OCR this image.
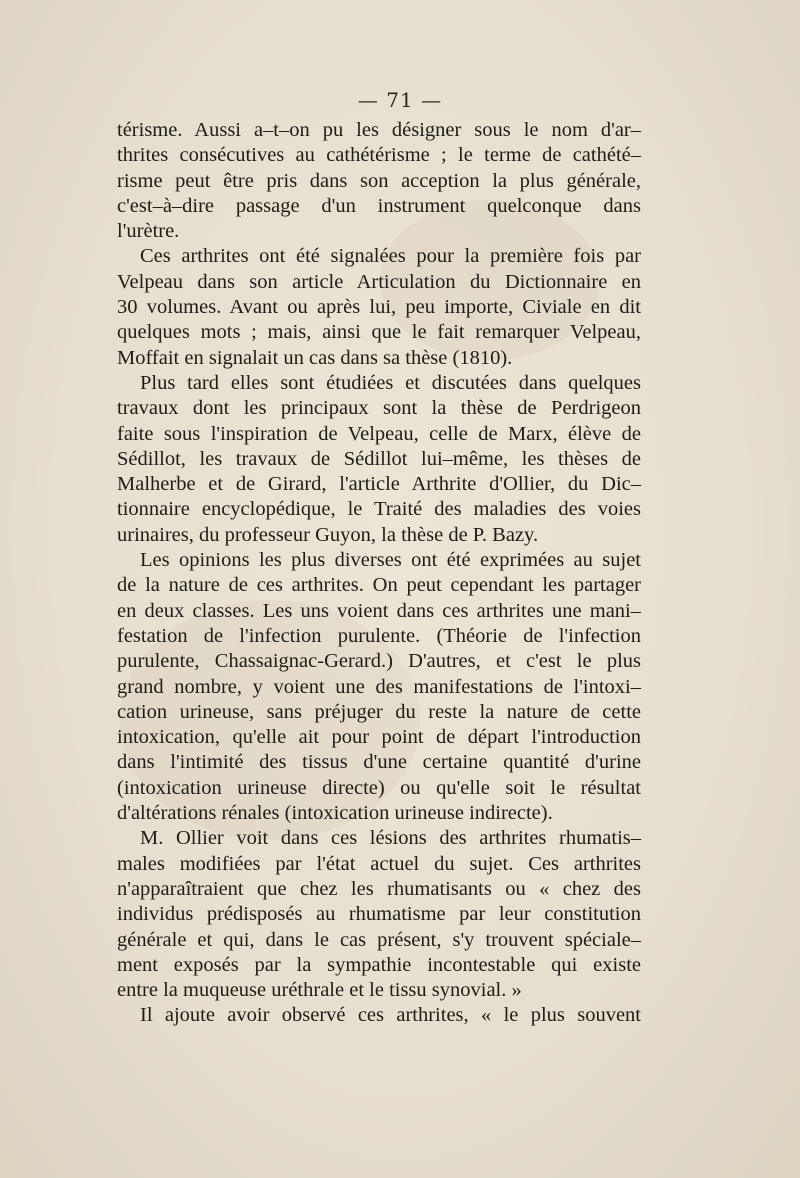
— 71 —
térisme. Aussi a–t–on pu les désigner sous le nom d'ar–
thrites consécutives au cathétérisme ; le terme de cathété–
risme peut être pris dans son acception la plus générale,
c'est–à–dire passage d'un instrument quelconque dans
l'urètre.
Ces arthrites ont été signalées pour la première fois par
Velpeau dans son article Articulation du Dictionnaire en
30 volumes. Avant ou après lui, peu importe, Civiale en dit
quelques mots ; mais, ainsi que le fait remarquer Velpeau,
Moffait en signalait un cas dans sa thèse (1810).
Plus tard elles sont étudiées et discutées dans quelques
travaux dont les principaux sont la thèse de Perdrigeon
faite sous l'inspiration de Velpeau, celle de Marx, élève de
Sédillot, les travaux de Sédillot lui–même, les thèses de
Malherbe et de Girard, l'article Arthrite d'Ollier, du Dic–
tionnaire encyclopédique, le Traité des maladies des voies
urinaires, du professeur Guyon, la thèse de P. Bazy.
Les opinions les plus diverses ont été exprimées au sujet
de la nature de ces arthrites. On peut cependant les partager
en deux classes. Les uns voient dans ces arthrites une mani–
festation de l'infection purulente. (Théorie de l'infection
purulente, Chassaignac-Gerard.) D'autres, et c'est le plus
grand nombre, y voient une des manifestations de l'intoxi–
cation urineuse, sans préjuger du reste la nature de cette
intoxication, qu'elle ait pour point de départ l'introduction
dans l'intimité des tissus d'une certaine quantité d'urine
(intoxication urineuse directe) ou qu'elle soit le résultat
d'altérations rénales (intoxication urineuse indirecte).
M. Ollier voit dans ces lésions des arthrites rhumatis–
males modifiées par l'état actuel du sujet. Ces arthrites
n'apparaîtraient que chez les rhumatisants ou « chez des
individus prédisposés au rhumatisme par leur constitution
générale et qui, dans le cas présent, s'y trouvent spéciale–
ment exposés par la sympathie incontestable qui existe
entre la muqueuse uréthrale et le tissu synovial. »
Il ajoute avoir observé ces arthrites, « le plus souvent
